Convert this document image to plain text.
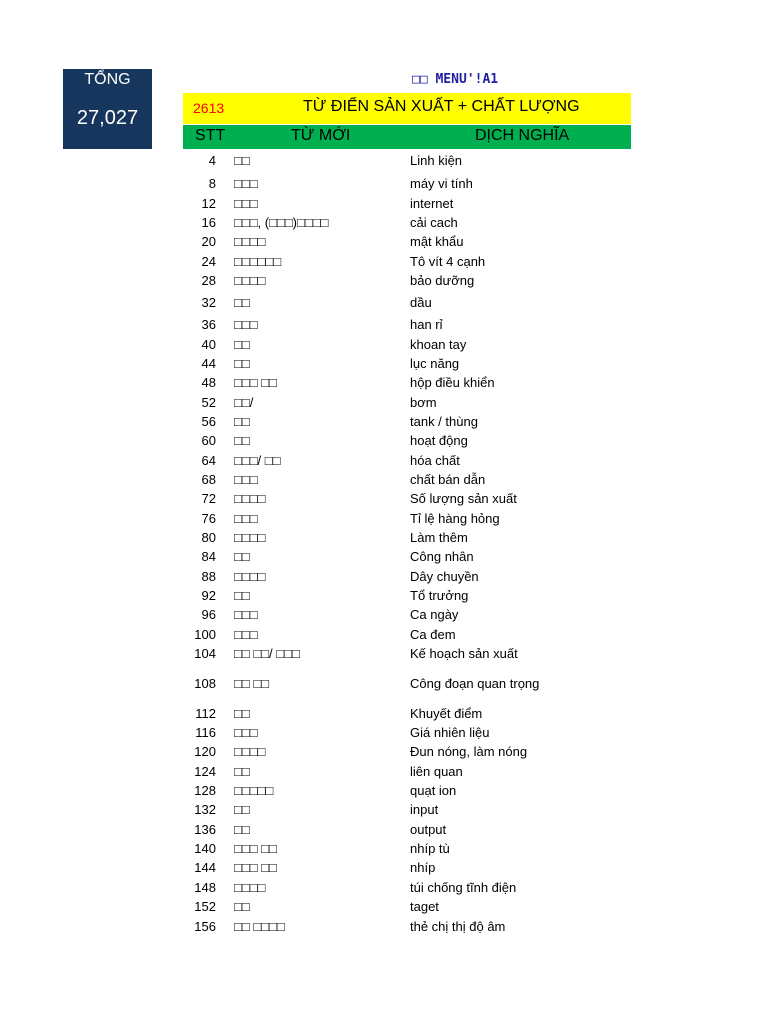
TỔNG
27,027
□□ MENU'!A1
2613	TỪ ĐIỂN SẢN XUẤT + CHẤT LƯỢNG
STT	TỪ MỚI	DỊCH NGHĨA
4 □□	Linh kiện
8 □□□	máy vi tính
12 □□□	internet
16 □□□, (□□□)□□□□	cải cach
20 □□□□	mật khẩu
24 □□□□□□	Tô vít 4 cạnh
28 □□□□	bảo dưỡng
32 □□	dầu
36 □□□	han rỉ
40 □□	khoan tay
44 □□	lục năng
48 □□□ □□	hộp điều khiển
52 □□/	bơm
56 □□	tank / thùng
60 □□	hoạt động
64 □□□/ □□	hóa chất
68 □□□	chất bán dẫn
72 □□□□	Số lượng sản xuất
76 □□□	Tỉ lệ hàng hỏng
80 □□□□	Làm thêm
84 □□	Công nhân
88 □□□□	Dây chuyền
92 □□	Tổ trưởng
96 □□□	Ca ngày
100 □□□	Ca đem
104 □□ □□/ □□□	Kế hoạch sản xuất
108 □□ □□	Công đoạn quan trọng
112 □□	Khuyết điểm
116 □□□	Giá nhiên liệu
120 □□□□	Đun nóng, làm nóng
124 □□	liên quan
128 □□□□□	quạt ion
132 □□	input
136 □□	output
140 □□□ □□	nhíp tù
144 □□□ □□	nhíp
148 □□□□	túi chống tĩnh điện
152 □□	taget
156 □□ □□□□	thẻ chị thị độ âm
